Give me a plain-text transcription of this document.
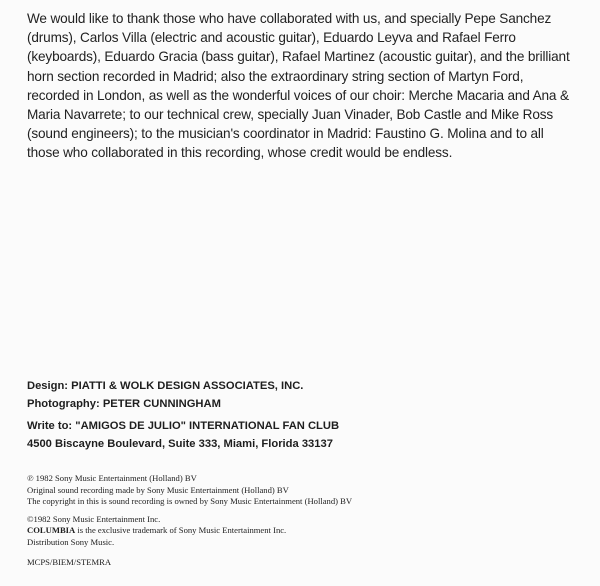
We would like to thank those who have collaborated with us, and specially Pepe Sanchez (drums), Carlos Villa (electric and acoustic guitar), Eduardo Leyva and Rafael Ferro (keyboards), Eduardo Gracia (bass guitar), Rafael Martinez (acoustic guitar), and the brilliant horn section recorded in Madrid; also the extraordinary string section of Martyn Ford, recorded in London, as well as the wonderful voices of our choir: Merche Macaria and Ana & Maria Navarrete; to our technical crew, specially Juan Vinader, Bob Castle and Mike Ross (sound engineers); to the musician's coordinator in Madrid: Faustino G. Molina and to all those who collaborated in this recording, whose credit would be endless.

Design: PIATTI & WOLK DESIGN ASSOCIATES, INC.
Photography: PETER CUNNINGHAM
Write to: "AMIGOS DE JULIO" INTERNATIONAL FAN CLUB
4500 Biscayne Boulevard, Suite 333, Miami, Florida 33137
℗ 1982 Sony Music Entertainment (Holland) BV
Original sound recording made by Sony Music Entertainment (Holland) BV
The copyright in this is sound recording is owned by Sony Music Entertainment (Holland) BV
©1982 Sony Music Entertainment Inc.
COLUMBIA is the exclusive trademark of Sony Music Entertainment Inc.
Distribution Sony Music.
MCPS/BIEM/STEMRA
